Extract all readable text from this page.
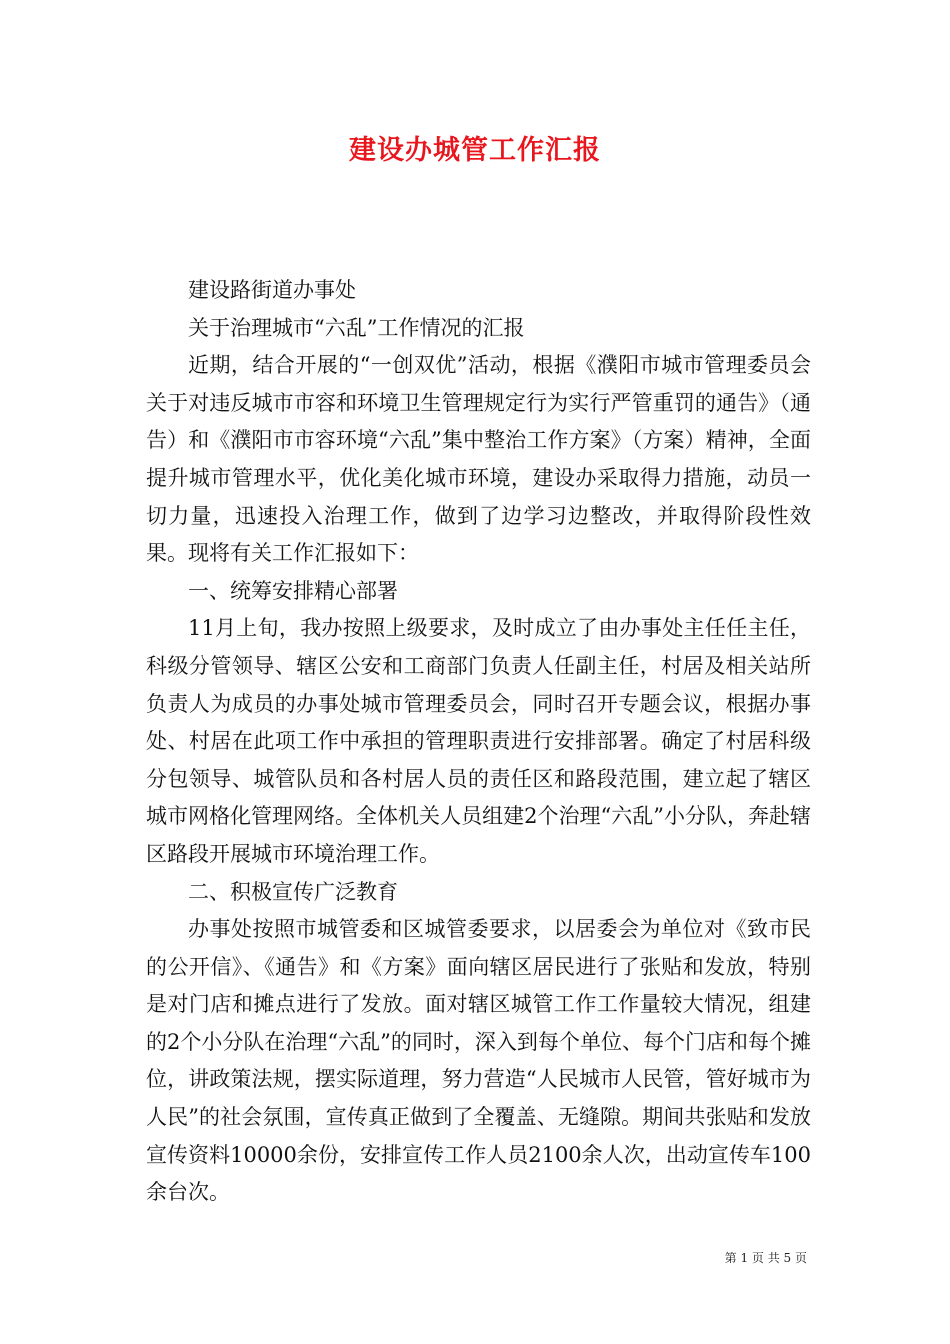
建设办城管工作汇报

建设路街道办事处

关于治理城市“六乱”工作情况的汇报

近期，结合开展的“一创双优”活动，根据《濮阳市城市管理委员会关于对违反城市市容和环境卫生管理规定行为实行严管重罚的通告》（通告）和《濮阳市市容环境“六乱”集中整治工作方案》（方案）精神，全面提升城市管理水平，优化美化城市环境，建设办采取得力措施，动员一切力量，迅速投入治理工作，做到了边学习边整改，并取得阶段性效果。现将有关工作汇报如下：

一、统筹安排精心部署

11月上旬，我办按照上级要求，及时成立了由办事处主任任主任，科级分管领导、辖区公安和工商部门负责人任副主任，村居及相关站所负责人为成员的办事处城市管理委员会，同时召开专题会议，根据办事处、村居在此项工作中承担的管理职责进行安排部署。确定了村居科级分包领导、城管队员和各村居人员的责任区和路段范围，建立起了辖区城市网格化管理网络。全体机关人员组建2个治理“六乱”小分队，奔赴辖区路段开展城市环境治理工作。

二、积极宣传广泛教育

办事处按照市城管委和区城管委要求，以居委会为单位对《致市民的公开信》、《通告》和《方案》面向辖区居民进行了张贴和发放，特别是对门店和摊点进行了发放。面对辖区城管工作工作量较大情况，组建的2个小分队在治理“六乱”的同时，深入到每个单位、每个门店和每个摊位，讲政策法规，摆实际道理，努力营造“人民城市人民管，管好城市为人民”的社会氛围，宣传真正做到了全覆盖、无缝隙。期间共张贴和发放宣传资料10000余份，安排宣传工作人员2100余人次，出动宣传车100余台次。

第 1 页 共 5 页
